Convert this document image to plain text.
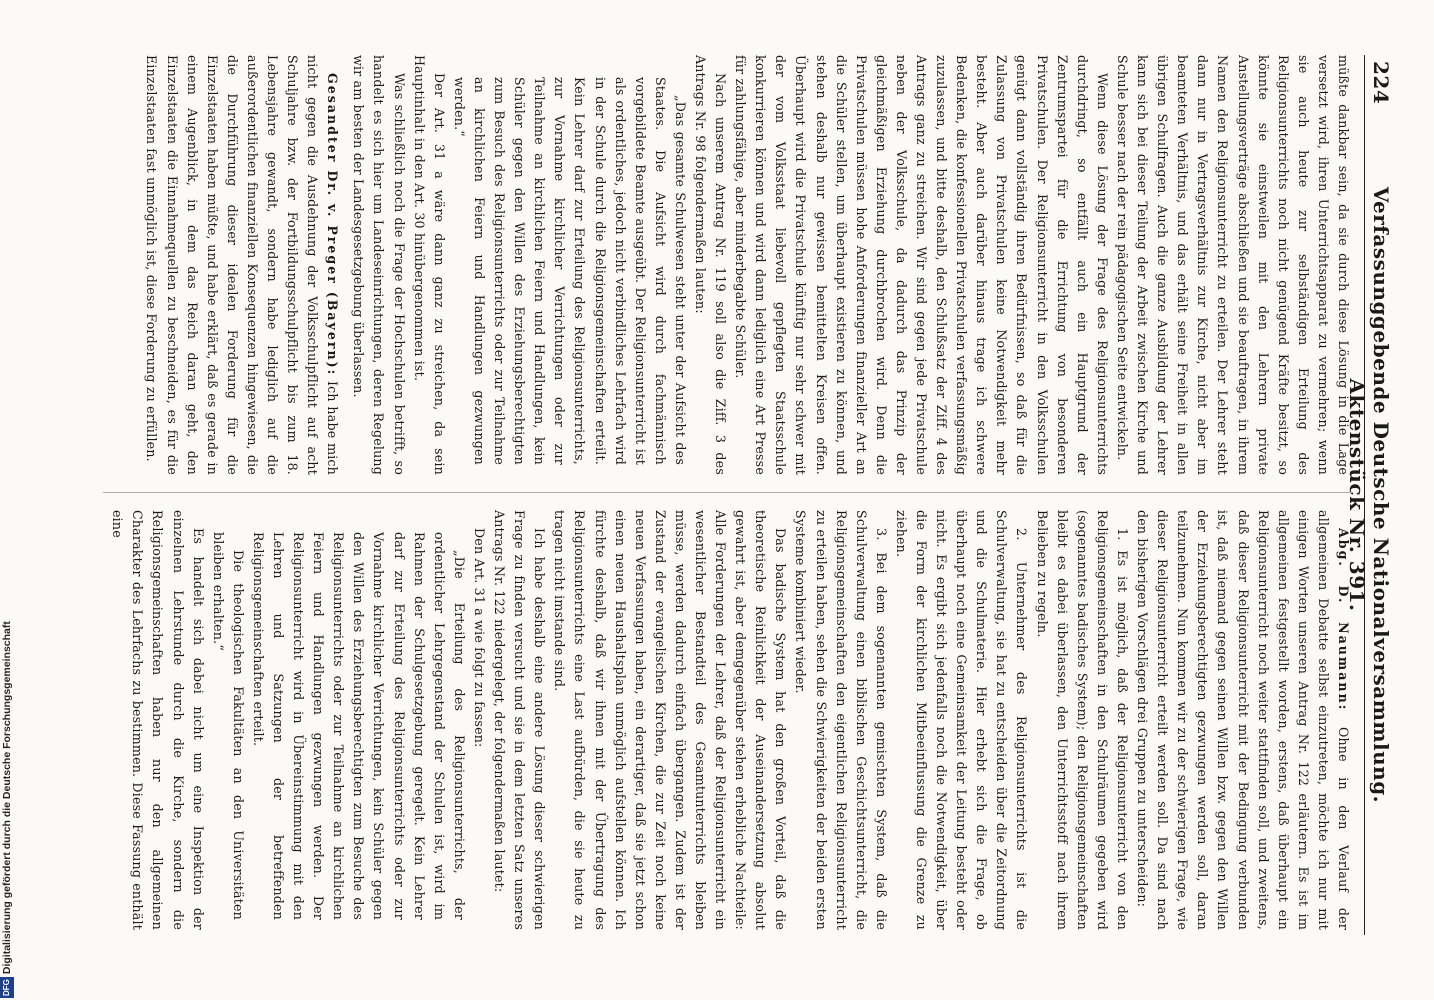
224
Verfassunggebende Deutsche Nationalversammlung. Aktenstück Nr. 391.

müßte dankbar sein, da sie durch diese Lösung in die Lage versetzt wird, ihren Unterrichtsapparat zu vermehren; wenn sie auch heute zur selbständigen Erteilung des Religionsunterrichts noch nicht genügend Kräfte besitzt, so könnte sie einstweilen mit den Lehrern private Anstellungsverträge abschließen und sie beauftragen, in ihrem Namen den Religionsunterricht zu erteilen. Der Lehrer steht dann nur in Vertragsverhältnis zur Kirche, nicht aber im beamteten Verhältnis, und das erhält seine Freiheit in allen übrigen Schulfragen. Auch die ganze Ausbildung der Lehrer kann sich bei dieser Teilung der Arbeit zwischen Kirche und Schule besser nach der rein pädagogischen Seite entwickeln.

Wenn diese Lösung der Frage des Religionsunterrichts durchdringt, so entfällt auch ein Hauptgrund der Zentrumspartei für die Errichtung von besonderen Privatschulen. Der Religionsunterricht in den Volksschulen genügt dann vollständig ihren Bedürfnissen, so daß für die Zulassung von Privatschulen keine Notwendigkeit mehr besteht. Aber auch darüber hinaus trage ich schwere Bedenken, die konfessionellen Privatschulen verfassungsmäßig zuzulassen, und bitte deshalb, den Schlußsatz der Ziff. 4 des Antrags ganz zu streichen. Wir sind gegen jede Privatschule neben der Volksschule, da dadurch das Prinzip der gleichmäßigen Erziehung durchbrochen wird. Denn die Privatschulen müssen hohe Anforderungen finanzieller Art an die Schüler stellen, um überhaupt existieren zu können, und stehen deshalb nur gewissen bemittelten Kreisen offen. Überhaupt wird die Privatschule künftig nur sehr schwer mit der vom Volksstaat liebevoll gepflegten Staatsschule konkurrieren können und wird dann lediglich eine Art Presse für zahlungsfähige, aber minderbegabte Schüler.

Nach unserem Antrag Nr. 119 soll also die Ziff. 3 des Antrags Nr. 98 folgendermaßen lauten:

„Das gesamte Schulwesen steht unter der Aufsicht des Staates. Die Aufsicht wird durch fachmännisch vorgebildete Beamte ausgeübt. Der Religionsunterricht ist als ordentliches, jedoch nicht verbindliches Lehrfach wird in der Schule durch die Religionsgemeinschaften erteilt. Kein Lehrer darf zur Erteilung des Religionsunterrichts, zur Vornahme kirchlicher Verrichtungen oder zur Teilnahme an kirchlichen Feiern und Handlungen, kein Schüler gegen den Willen des Erziehungsberechtigten zum Besuch des Religionsunterrichts oder zur Teilnahme an kirchlichen Feiern und Handlungen gezwungen werden.“

Der Art. 31 a wäre dann ganz zu streichen, da sein Hauptinhalt in den Art. 30 hinübergenommen ist.

Was schließlich noch die Frage der Hochschulen betrifft, so handelt es sich hier um Landeseinrichtungen, deren Regelung wir am besten der Landesgesetzgebung überlassen.

Gesandter Dr. v. Preger (Bayern): Ich habe mich nicht gegen die Ausdehnung der Volksschulpflicht auf acht Schuljahre bzw. der Fortbildungsschulpflicht bis zum 18. Lebensjahre gewandt, sondern habe lediglich auf die außerordentlichen finanziellen Konsequenzen hingewiesen, die die Durchführung dieser idealen Forderung für die Einzelstaaten haben müßte, und habe erklärt, daß es gerade in einem Augenblick, in dem das Reich daran geht, den Einzelstaaten die Einnahmequellen zu beschneiden, es für die Einzelstaaten fast unmöglich ist, diese Forderung zu erfüllen.

Abg. D. Naumann: Ohne in den Verlauf der allgemeinen Debatte selbst einzutreten, möchte ich nur mit einigen Worten unseren Antrag Nr. 122 erläutern. Es ist im allgemeinen festgestellt worden, erstens, daß überhaupt ein Religionsunterricht noch weiter stattfinden soll, und zweitens, daß dieser Religionsunterricht mit der Bedingung verbunden ist, daß niemand gegen seinen Willen bzw. gegen den Willen der Erziehungsberechtigten gezwungen werden soll, daran teilzunehmen. Nun kommen wir zu der schwierigen Frage, wie dieser Religionsunterricht erteilt werden soll. Da sind nach den bisherigen Vorschlägen drei Gruppen zu unterscheiden:

1. Es ist möglich, daß der Religionsunterricht von den Religionsgemeinschaften in den Schulräumen gegeben wird (sogenanntes badisches System); den Religionsgemeinschaften bleibt es dabei überlassen, den Unterrichtsstoff nach ihrem Belieben zu regeln.

2. Unternehmer des Religionsunterrichts ist die Schulverwaltung, sie hat zu entscheiden über die Zeitordnung und die Schulmaterie. Hier erhebt sich die Frage, ob überhaupt noch eine Gemeinsamkeit der Leitung besteht oder nicht. Es ergibt sich jedenfalls noch die Notwendigkeit, über die Form der kirchlichen Mitbeeinflussung die Grenze zu ziehen.

3. Bei dem sogenannten gemischten System, daß die Schulverwaltung einen biblischen Geschichtsunterricht, die Religionsgemeinschaften den eigentlichen Religionsunterricht zu erteilen haben, sehen die Schwierigkeiten der beiden ersten Systeme kombiniert wieder.

Das badische System hat den großen Vorteil, daß die theoretische Reinlichkeit der Auseinandersetzung absolut gewahrt ist, aber demgegenüber stehen erhebliche Nachteile: Alle Forderungen der Lehrer, daß der Religionsunterricht ein wesentlicher Bestandteil des Gesamtunterrichts bleiben müsse, werden dadurch einfach übergangen. Zudem ist der Zustand der evangelischen Kirchen, die zur Zeit noch keine neuen Verfassungen haben, ein derartiger, daß sie jetzt schon einen neuen Haushaltsplan unmöglich aufstellen können. Ich fürchte deshalb, daß wir ihnen mit der Übertragung des Religionsunterrichts eine Last aufbürden, die sie heute zu tragen nicht imstande sind.

Ich habe deshalb eine andere Lösung dieser schwierigen Frage zu finden versucht und sie in dem letzten Satz unseres Antrags Nr. 122 niedergelegt, der folgendermaßen lautet:

Den Art. 31 a wie folgt zu fassen:

„Die Erteilung des Religionsunterrichts, der ordentlicher Lehrgegenstand der Schulen ist, wird im Rahmen der Schulgesetzgebung geregelt. Kein Lehrer darf zur Erteilung des Religionsunterrichts oder zur Vornahme kirchlicher Verrichtungen, kein Schüler gegen den Willen des Erziehungsberechtigten zum Besuche des Religionsunterrichts oder zur Teilnahme an kirchlichen Feiern und Handlungen gezwungen werden. Der Religionsunterricht wird in Übereinstimmung mit den Lehren und Satzungen der betreffenden Religionsgemeinschaften erteilt.

Die theologischen Fakultäten an den Universitäten bleiben erhalten.“

Es handelt sich dabei nicht um eine Inspektion der einzelnen Lehrstunde durch die Kirche, sondern die Religionsgemeinschaften haben nur den allgemeinen Charakter des Lehrfachs zu bestimmen. Diese Fassung enthält eine

DFGDigitalisierung gefördert durch die Deutsche Forschungsgemeinschaft
